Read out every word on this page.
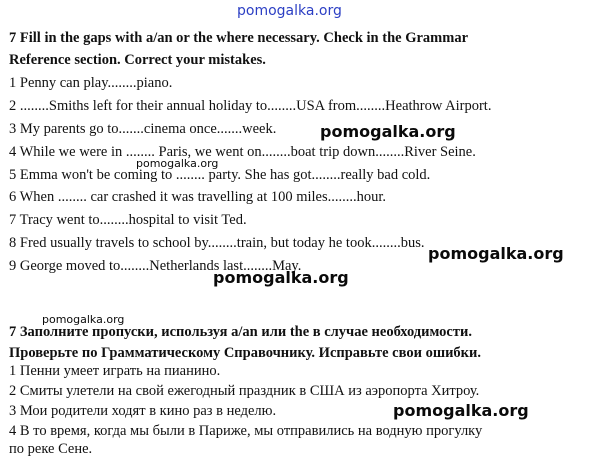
pomogalka.org
7 Fill in the gaps with a/an or the where necessary. Check in the Grammar
Reference section. Correct your mistakes.
1 Penny can play........piano.
2 ........Smiths left for their annual holiday to........USA from........Heathrow Airport.
3 My parents go to.......cinema once.......week.
4 While we were in ........ Paris, we went on........boat trip down........River Seine.
5 Emma won't be coming to ........ party. She has got........really bad cold.
6 When ........ car crashed it was travelling at 100 miles........hour.
7 Tracy went to........hospital to visit Ted.
8 Fred usually travels to school by........train, but today he took........bus.
9 George moved to........Netherlands last........May.
7 Заполните пропуски, используя a/an или the в случае необходимости.
Проверьте по Грамматическому Справочнику. Исправьте свои ошибки.
1 Пенни умеет играть на пианино.
2 Смиты улетели на свой ежегодный праздник в США из аэропорта Хитроу.
3 Мои родители ходят в кино раз в неделю.
4 В то время, когда мы были в Париже, мы отправились на водную прогулку
по реке Сене.
pomogalka.org
pomogalka.org
pomogalka.org
pomogalka.org
pomogalka.org
pomogalka.org
